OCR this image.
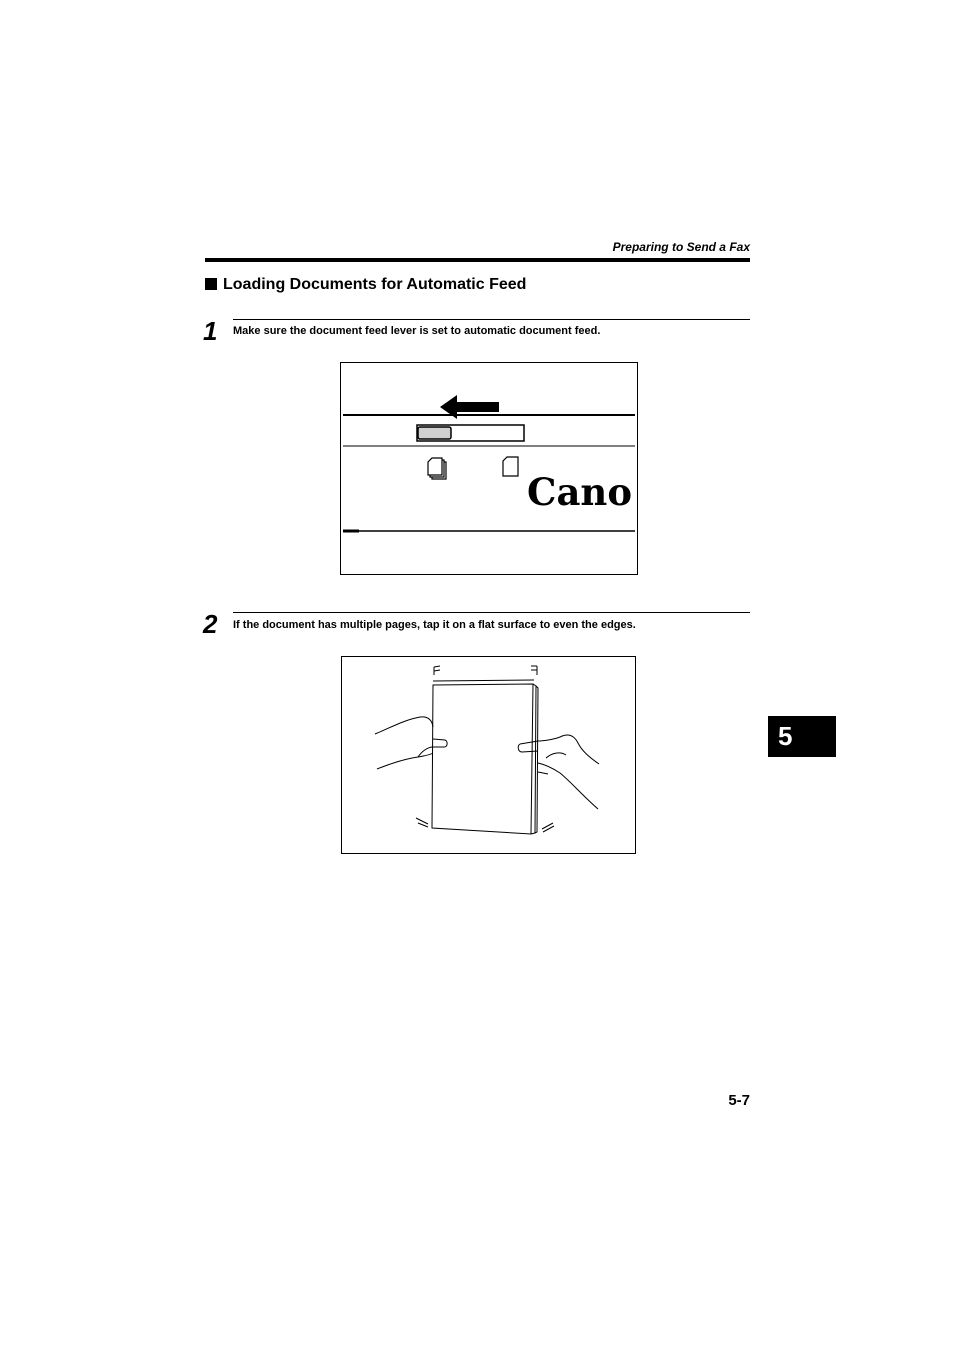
Preparing to Send a Fax
Loading Documents for Automatic Feed
1 Make sure the document feed lever is set to automatic document feed.
Cano
2 If the document has multiple pages, tap it on a flat surface to even the edges.
5
5-7
